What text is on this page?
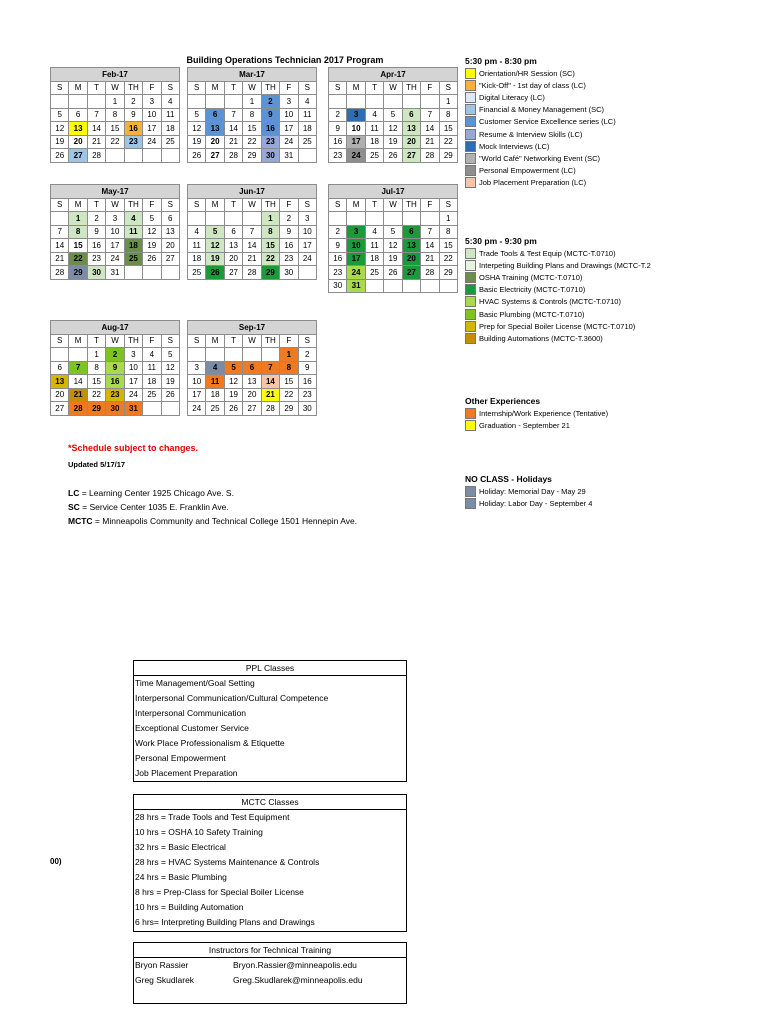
Building Operations Technician 2017 Program
Feb-17						
S	M	T	W	TH	F	S
			1	2	3	4
5	6	7	8	9	10	11
12	13	14	15	16	17	18
19	20	21	22	23	24	25
26	27	28				
Mar-17						
S	M	T	W	TH	F	S
			1	2	3	4
5	6	7	8	9	10	11
12	13	14	15	16	17	18
19	20	21	22	23	24	25
26	27	28	29	30	31	
Apr-17						
S	M	T	W	TH	F	S
						1
2	3	4	5	6	7	8
9	10	11	12	13	14	15
16	17	18	19	20	21	22
23	24	25	26	27	28	29
May-17						
S	M	T	W	TH	F	S
	1	2	3	4	5	6
7	8	9	10	11	12	13
14	15	16	17	18	19	20
21	22	23	24	25	26	27
28	29	30	31			
Jun-17						
S	M	T	W	TH	F	S
				1	2	3
4	5	6	7	8	9	10
11	12	13	14	15	16	17
18	19	20	21	22	23	24
25	26	27	28	29	30	
Jul-17						
S	M	T	W	TH	F	S
						1
2	3	4	5	6	7	8
9	10	11	12	13	14	15
16	17	18	19	20	21	22
23	24	25	26	27	28	29
30	31					
Aug-17						
S	M	T	W	TH	F	S
		1	2	3	4	5
6	7	8	9	10	11	12
13	14	15	16	17	18	19
20	21	22	23	24	25	26
27	28	29	30	31		
Sep-17						
S	M	T	W	TH	F	S
					1	2
3	4	5	6	7	8	9
10	11	12	13	14	15	16
17	18	19	20	21	22	23
24	25	26	27	28	29	30
5:30 pm - 8:30 pm
Orientation/HR Session (SC)
"Kick-Off" - 1st day of class (LC)
Digital Literacy (LC)
Financial & Money Management (SC)
Customer Service Excellence series (LC)
Resume & Interview Skills (LC)
Mock Interviews (LC)
"World Café" Networking Event (SC)
Personal Empowerment (LC)
Job Placement Preparation (LC)
5:30 pm - 9:30 pm
Trade Tools & Test Equip (MCTC-T.0710)
Interpeting Building Plans and Drawings (MCTC-T.2
OSHA Training (MCTC-T.0710)
Basic Electricity (MCTC-T.0710)
HVAC Systems & Controls (MCTC-T.0710)
Basic Plumbing (MCTC-T.0710)
Prep for Special Boiler License (MCTC-T.0710)
Building Automations (MCTC-T.3600)
Other Experiences
Internship/Work Experience (Tentative)
Graduation - September 21
NO CLASS - Holidays
Holiday: Memorial Day - May 29
Holiday: Labor Day - September 4
*Schedule subject to changes.
Updated 5/17/17
LC = Learning Center 1925 Chicago Ave. S.
SC = Service Center 1035 E. Franklin Ave.
MCTC = Minneapolis Community and Technical College 1501 Hennepin Ave.
00)
PPL Classes
Time Management/Goal Setting
Interpersonal Communication/Cultural Competence
Interpersonal Communication
Exceptional Customer Service
Work Place Professionalism & Etiquette
Personal Empowerment
Job Placement Preparation
MCTC Classes
28 hrs = Trade Tools and Test Equipment
10 hrs = OSHA 10 Safety Training
32 hrs = Basic Electrical
28 hrs = HVAC Systems Maintenance & Controls
24 hrs = Basic Plumbing
8 hrs = Prep-Class for Special Boiler License
10 hrs = Building Automation
6 hrs= Interpreting Building Plans and Drawings
Instructors for Technical Training
Bryon Rassier	Bryon.Rassier@minneapolis.edu
Greg Skudlarek	Greg.Skudlarek@minneapolis.edu
